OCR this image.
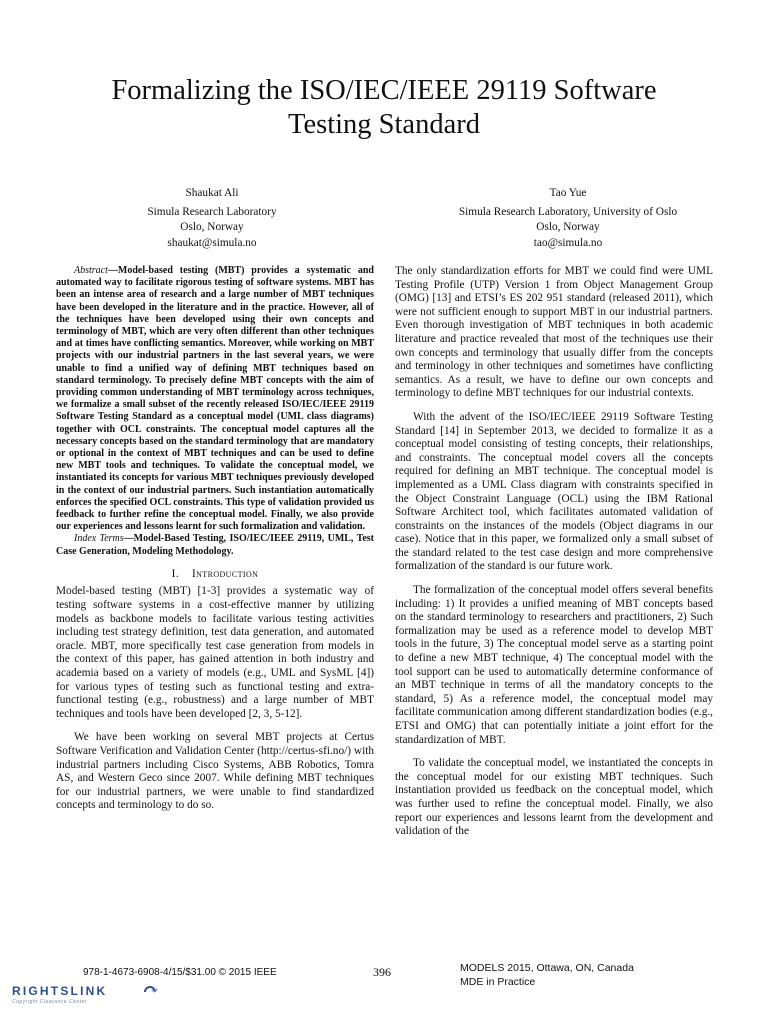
Formalizing the ISO/IEC/IEEE 29119 Software
Testing Standard
Shaukat Ali
Simula Research Laboratory
Oslo, Norway
shaukat@simula.no
Tao Yue
Simula Research Laboratory, University of Oslo
Oslo, Norway
tao@simula.no

Abstract—Model-based testing (MBT) provides a systematic and automated way to facilitate rigorous testing of software systems. MBT has been an intense area of research and a large number of MBT techniques have been developed in the literature and in the practice. However, all of the techniques have been developed using their own concepts and terminology of MBT, which are very often different than other techniques and at times have conflicting semantics. Moreover, while working on MBT projects with our industrial partners in the last several years, we were unable to find a unified way of defining MBT techniques based on standard terminology. To precisely define MBT concepts with the aim of providing common understanding of MBT terminology across techniques, we formalize a small subset of the recently released ISO/IEC/IEEE 29119 Software Testing Standard as a conceptual model (UML class diagrams) together with OCL constraints. The conceptual model captures all the necessary concepts based on the standard terminology that are mandatory or optional in the context of MBT techniques and can be used to define new MBT tools and techniques. To validate the conceptual model, we instantiated its concepts for various MBT techniques previously developed in the context of our industrial partners. Such instantiation automatically enforces the specified OCL constraints. This type of validation provided us feedback to further refine the conceptual model. Finally, we also provide our experiences and lessons learnt for such formalization and validation.

Index Terms—Model-Based Testing, ISO/IEC/IEEE 29119, UML, Test Case Generation, Modeling Methodology.

I. Introduction

Model-based testing (MBT) [1-3] provides a systematic way of testing software systems in a cost-effective manner by utilizing models as backbone models to facilitate various testing activities including test strategy definition, test data generation, and automated oracle. MBT, more specifically test case generation from models in the context of this paper, has gained attention in both industry and academia based on a variety of models (e.g., UML and SysML [4]) for various types of testing such as functional testing and extra-functional testing (e.g., robustness) and a large number of MBT techniques and tools have been developed [2, 3, 5-12].

We have been working on several MBT projects at Certus Software Verification and Validation Center (http://certus-sfi.no/) with industrial partners including Cisco Systems, ABB Robotics, Tomra AS, and Western Geco since 2007. While defining MBT techniques for our industrial partners, we were unable to find standardized concepts and terminology to do so.

The only standardization efforts for MBT we could find were UML Testing Profile (UTP) Version 1 from Object Management Group (OMG) [13] and ETSI’s ES 202 951 standard (released 2011), which were not sufficient enough to support MBT in our industrial partners. Even thorough investigation of MBT techniques in both academic literature and practice revealed that most of the techniques use their own concepts and terminology that usually differ from the concepts and terminology in other techniques and sometimes have conflicting semantics. As a result, we have to define our own concepts and terminology to define MBT techniques for our industrial contexts.

With the advent of the ISO/IEC/IEEE 29119 Software Testing Standard [14] in September 2013, we decided to formalize it as a conceptual model consisting of testing concepts, their relationships, and constraints. The conceptual model covers all the concepts required for defining an MBT technique. The conceptual model is implemented as a UML Class diagram with constraints specified in the Object Constraint Language (OCL) using the IBM Rational Software Architect tool, which facilitates automated validation of constraints on the instances of the models (Object diagrams in our case). Notice that in this paper, we formalized only a small subset of the standard related to the test case design and more comprehensive formalization of the standard is our future work.

The formalization of the conceptual model offers several benefits including: 1) It provides a unified meaning of MBT concepts based on the standard terminology to researchers and practitioners, 2) Such formalization may be used as a reference model to develop MBT tools in the future, 3) The conceptual model serve as a starting point to define a new MBT technique, 4) The conceptual model with the tool support can be used to automatically determine conformance of an MBT technique in terms of all the mandatory concepts to the standard, 5) As a reference model, the conceptual model may facilitate communication among different standardization bodies (e.g., ETSI and OMG) that can potentially initiate a joint effort for the standardization of MBT.

To validate the conceptual model, we instantiated the concepts in the conceptual model for our existing MBT techniques. Such instantiation provided us feedback on the conceptual model, which was further used to refine the conceptual model. Finally, we also report our experiences and lessons learnt from the development and validation of the

978-1-4673-6908-4/15/$31.00 © 2015 IEEE	396	MODELS 2015, Ottawa, ON, Canada
MDE in Practice
RIGHTSLINK
Copyright Clearance Center
